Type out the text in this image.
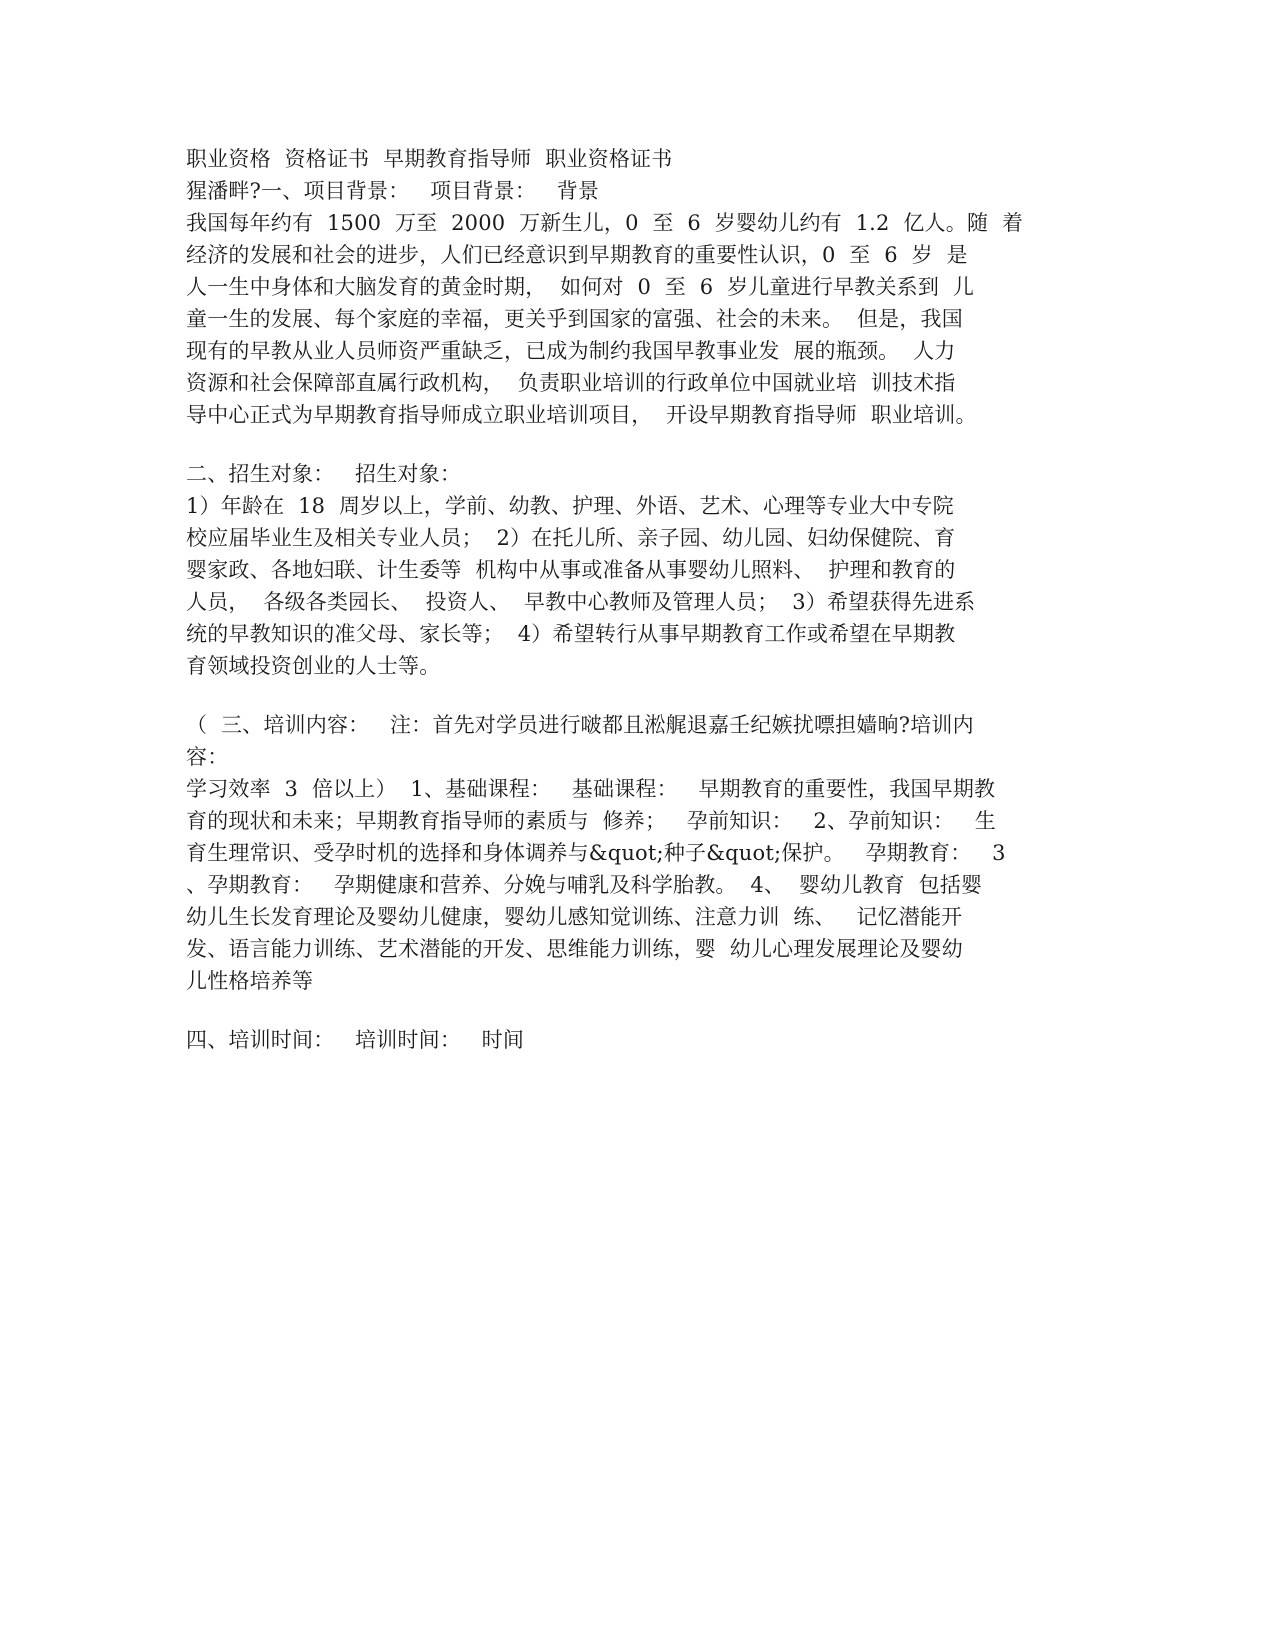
职业资格  资格证书  早期教育指导师  职业资格证书
猩潘畔?一、项目背景：   项目背景：   背景
我国每年约有  1500  万至  2000  万新生儿，0  至  6  岁婴幼儿约有  1.2  亿人。随  着
经济的发展和社会的进步，人们已经意识到早期教育的重要性认识，0  至  6  岁  是
人一生中身体和大脑发育的黄金时期，  如何对  0  至  6  岁儿童进行早教关系到  儿
童一生的发展、每个家庭的幸福，更关乎到国家的富强、社会的未来。  但是，我国
现有的早教从业人员师资严重缺乏，已成为制约我国早教事业发  展的瓶颈。  人力
资源和社会保障部直属行政机构，  负责职业培训的行政单位中国就业培  训技术指
导中心正式为早期教育指导师成立职业培训项目，  开设早期教育指导师  职业培训。
二、招生对象：   招生对象：
1）年龄在  18  周岁以上，学前、幼教、护理、外语、艺术、心理等专业大中专院
校应届毕业生及相关专业人员；  2）在托儿所、亲子园、幼儿园、妇幼保健院、育
婴家政、各地妇联、计生委等  机构中从事或准备从事婴幼儿照料、  护理和教育的
人员，  各级各类园长、  投资人、  早教中心教师及管理人员；  3）希望获得先进系
统的早教知识的准父母、家长等；  4）希望转行从事早期教育工作或希望在早期教
育领域投资创业的人士等。
（  三、培训内容：   注：首先对学员进行啵都且淞艉退嘉壬纪嫉扰嘌担嫱晌?培训内
容：
学习效率  3  倍以上）  1、基础课程：   基础课程：   早期教育的重要性，我国早期教
育的现状和未来；早期教育指导师的素质与  修养；   孕前知识：   2、孕前知识：   生
育生理常识、受孕时机的选择和身体调养与&quot;种子&quot;保护。   孕期教育：   3
、孕期教育：   孕期健康和营养、分娩与哺乳及科学胎教。  4、  婴幼儿教育  包括婴
幼儿生长发育理论及婴幼儿健康，婴幼儿感知觉训练、注意力训  练、   记忆潜能开
发、语言能力训练、艺术潜能的开发、思维能力训练，婴  幼儿心理发展理论及婴幼
儿性格培养等
四、培训时间：   培训时间：   时间
